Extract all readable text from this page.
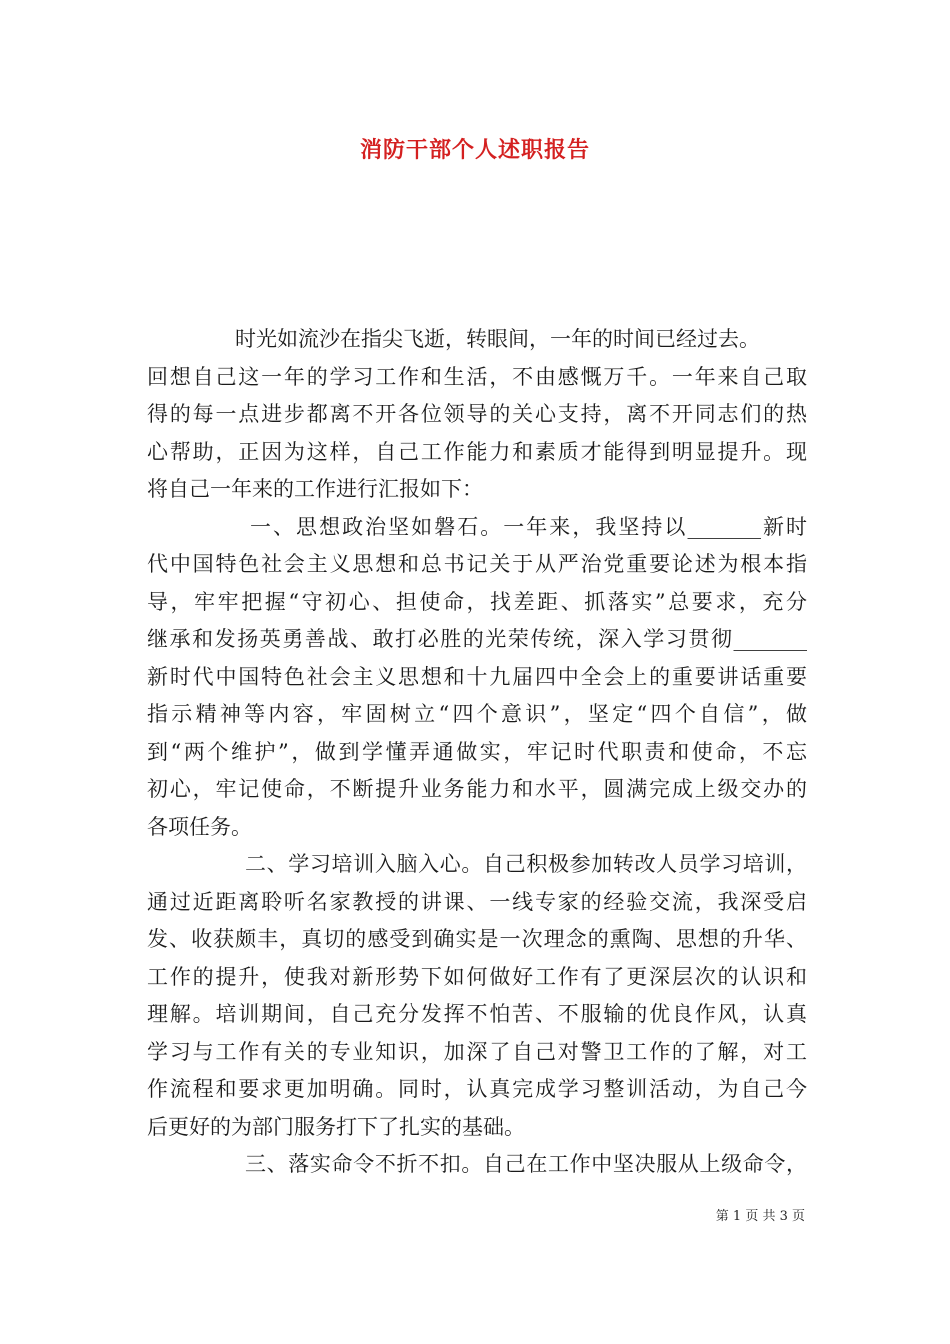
消防干部个人述职报告
时光如流沙在指尖飞逝，转眼间，一年的时间已经过去。
回想自己这一年的学习工作和生活，不由感慨万千。一年来自己取
得的每一点进步都离不开各位领导的关心支持，离不开同志们的热
心帮助，正因为这样，自己工作能力和素质才能得到明显提升。现
将自己一年来的工作进行汇报如下：
一、思想政治坚如磐石。一年来，我坚持以_______新时
代中国特色社会主义思想和总书记关于从严治党重要论述为根本指
导，牢牢把握“守初心、担使命，找差距、抓落实”总要求，充分
继承和发扬英勇善战、敢打必胜的光荣传统，深入学习贯彻_______
新时代中国特色社会主义思想和十九届四中全会上的重要讲话重要
指示精神等内容，牢固树立“四个意识”，坚定“四个自信”，做
到“两个维护”，做到学懂弄通做实，牢记时代职责和使命，不忘
初心，牢记使命，不断提升业务能力和水平，圆满完成上级交办的
各项任务。
二、学习培训入脑入心。自己积极参加转改人员学习培训，
通过近距离聆听名家教授的讲课、一线专家的经验交流，我深受启
发、收获颇丰，真切的感受到确实是一次理念的熏陶、思想的升华、
工作的提升，使我对新形势下如何做好工作有了更深层次的认识和
理解。培训期间，自己充分发挥不怕苦、不服输的优良作风，认真
学习与工作有关的专业知识，加深了自己对警卫工作的了解，对工
作流程和要求更加明确。同时，认真完成学习整训活动，为自己今
后更好的为部门服务打下了扎实的基础。
三、落实命令不折不扣。自己在工作中坚决服从上级命令，
第 1 页 共 3 页
